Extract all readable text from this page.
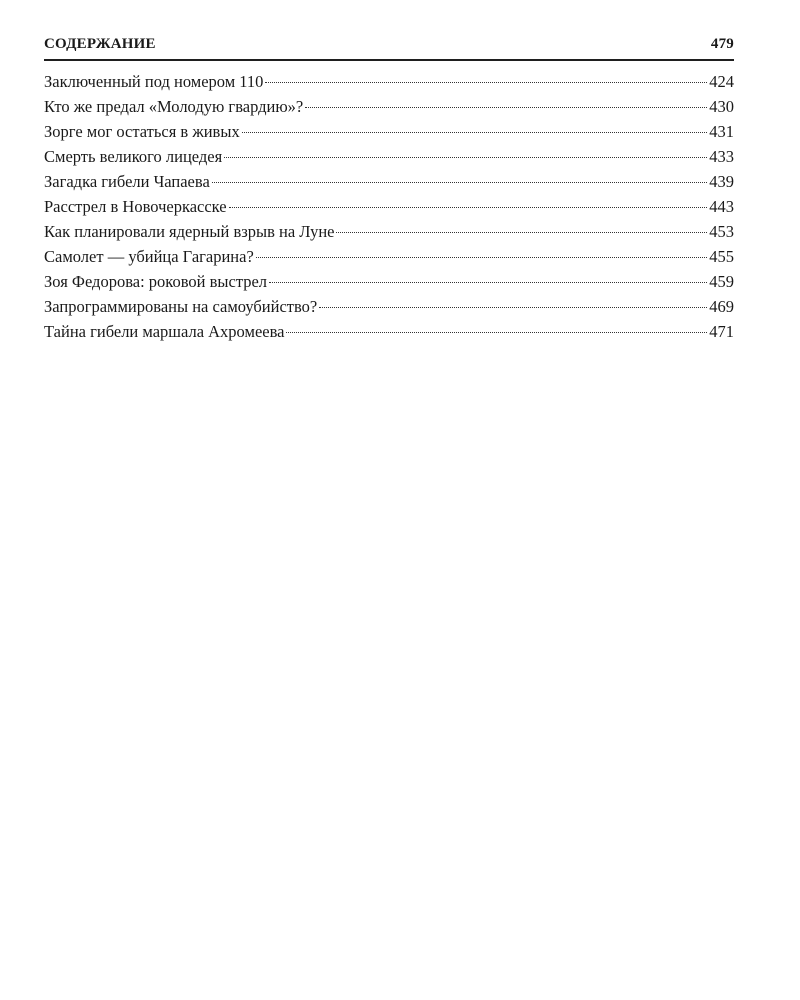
СОДЕРЖАНИЕ	479
Заключенный под номером 110	424
Кто же предал «Молодую гвардию»?	430
Зорге мог остаться в живых	431
Смерть великого лицедея	433
Загадка гибели Чапаева	439
Расстрел в Новочеркасске	443
Как планировали ядерный взрыв на Луне	453
Самолет — убийца Гагарина?	455
Зоя Федорова: роковой выстрел	459
Запрограммированы на самоубийство?	469
Тайна гибели маршала Ахромеева	471
